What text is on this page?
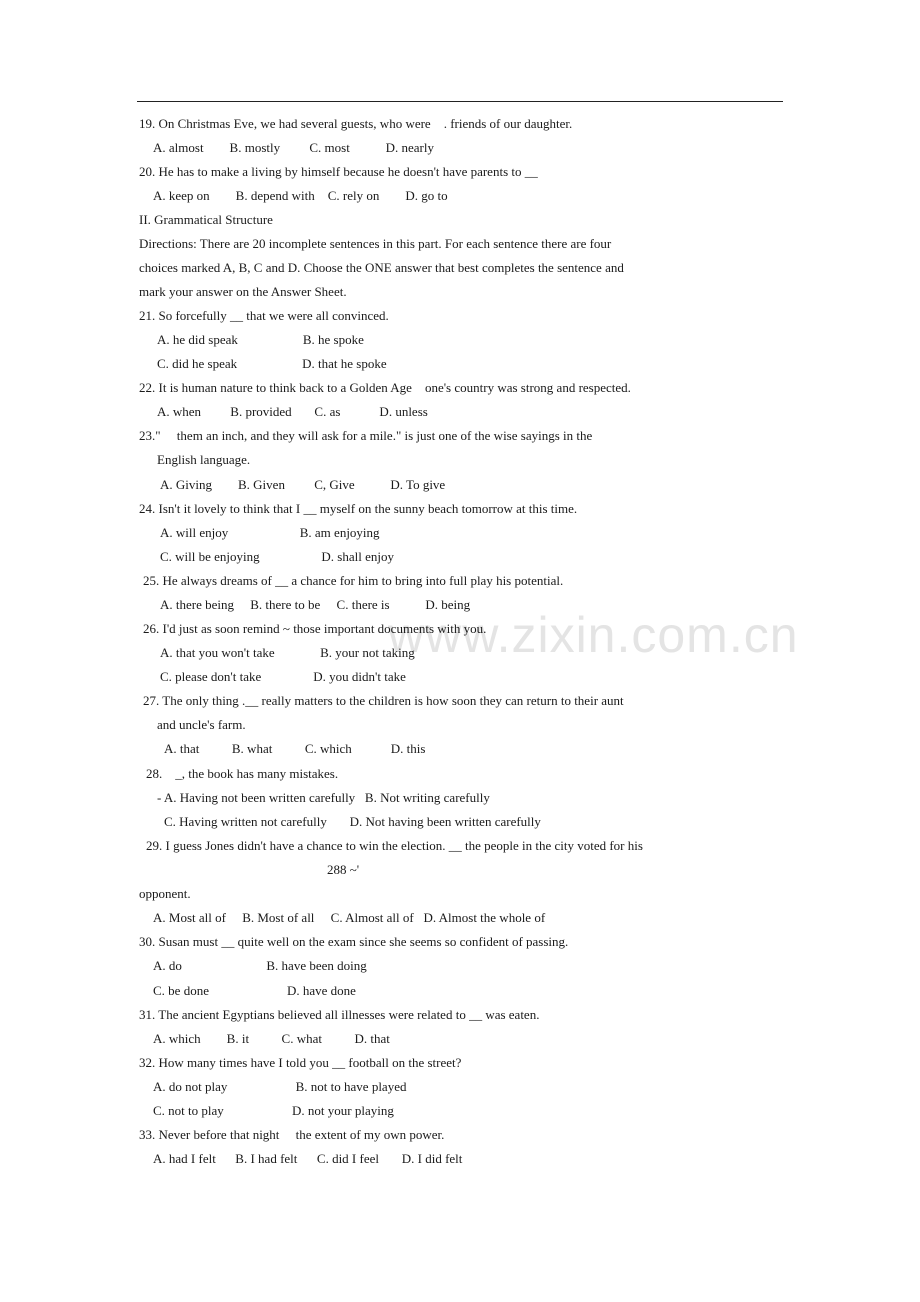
www.zixin.com.cn
19. On Christmas Eve, we had several guests, who were    . friends of our daughter.
A. almost        B. mostly         C. most           D. nearly
20. He has to make a living by himself because he doesn't have parents to __
A. keep on        B. depend with    C. rely on        D. go to
II. Grammatical Structure
Directions: There are 20 incomplete sentences in this part. For each sentence there are four
choices marked A, B, C and D. Choose the ONE answer that best completes the sentence and
mark your answer on the Answer Sheet.
21. So forcefully __ that we were all convinced.
A. he did speak                    B. he spoke
C. did he speak                    D. that he spoke
22. It is human nature to think back to a Golden Age    one's country was strong and respected.
A. when         B. provided       C. as            D. unless
23."     them an inch, and they will ask for a mile." is just one of the wise sayings in the
English language.
A. Giving        B. Given         C, Give           D. To give
24. Isn't it lovely to think that I __ myself on the sunny beach tomorrow at this time.
A. will enjoy                      B. am enjoying
C. will be enjoying                   D. shall enjoy
25. He always dreams of __ a chance for him to bring into full play his potential.
A. there being     B. there to be     C. there is           D. being
26. I'd just as soon remind ~ those important documents with you.
A. that you won't take              B. your not taking
C. please don't take                D. you didn't take
27. The only thing .__ really matters to the children is how soon they can return to their aunt
and uncle's farm.
A. that          B. what          C. which            D. this
28.    _, the book has many mistakes.
- A. Having not been written carefully   B. Not writing carefully
C. Having written not carefully       D. Not having been written carefully
29. I guess Jones didn't have a chance to win the election. __ the people in the city voted for his
288 ~'
opponent.
A. Most all of     B. Most of all     C. Almost all of   D. Almost the whole of
30. Susan must __ quite well on the exam since she seems so confident of passing.
A. do                          B. have been doing
C. be done                        D. have done
31. The ancient Egyptians believed all illnesses were related to __ was eaten.
A. which        B. it          C. what          D. that
32. How many times have I told you __ football on the street?
A. do not play                     B. not to have played
C. not to play                     D. not your playing
33. Never before that night     the extent of my own power.
A. had I felt      B. I had felt      C. did I feel       D. I did felt
